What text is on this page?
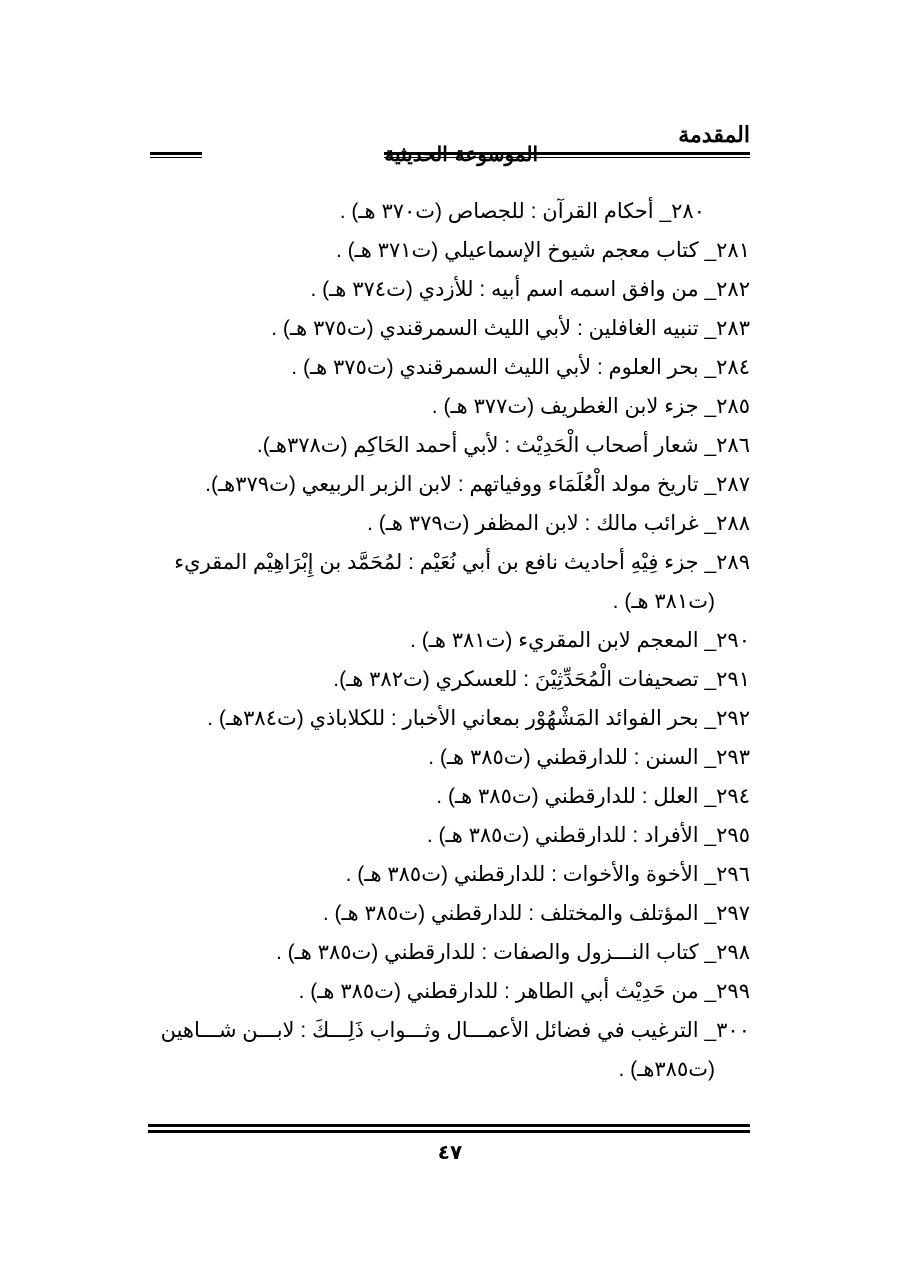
المقدمة
الموسوعة الحديثية

٢٨٠_ أحكام القرآن : للجصاص (ت٣٧٠ هـ) .

٢٨١_ كتاب معجم شيوخ الإسماعيلي (ت٣٧١ هـ) .

٢٨٢_ من وافق اسمه اسم أبيه : للأزدي (ت٣٧٤ هـ) .

٢٨٣_ تنبيه الغافلين : لأبي الليث السمرقندي (ت٣٧٥ هـ) .

٢٨٤_ بحر العلوم : لأبي الليث السمرقندي (ت٣٧٥ هـ) .

٢٨٥_ جزء لابن الغطريف (ت٣٧٧ هـ) .

٢٨٦_ شعار أصحاب الْحَدِيْث : لأبي أحمد الحَاكِم (ت٣٧٨هـ).

٢٨٧_ تاريخ مولد الْعُلَمَاء ووفياتهم : لابن الزبر الربيعي (ت٣٧٩هـ).

٢٨٨_ غرائب مالك : لابن المظفر (ت٣٧٩ هـ) .

٢٨٩_ جزء فِيْهِ أحاديث نافع بن أبي نُعَيْم : لمُحَمَّد بن إِبْرَاهِيْم المقريء (ت٣٨١ هـ) .

٢٩٠_ المعجم لابن المقريء (ت٣٨١ هـ) .

٢٩١_ تصحيفات الْمُحَدِّثِيْنَ : للعسكري (ت٣٨٢ هـ).

٢٩٢_ بحر الفوائد المَشْهُوْر بمعاني الأخبار : للكلاباذي (ت٣٨٤هـ) .

٢٩٣_ السنن : للدارقطني (ت٣٨٥ هـ) .

٢٩٤_ العلل : للدارقطني (ت٣٨٥ هـ) .

٢٩٥_ الأفراد : للدارقطني (ت٣٨٥ هـ) .

٢٩٦_ الأخوة والأخوات : للدارقطني (ت٣٨٥ هـ) .

٢٩٧_ المؤتلف والمختلف : للدارقطني (ت٣٨٥ هـ) .

٢٩٨_ كتاب النـــزول والصفات : للدارقطني (ت٣٨٥ هـ) .

٢٩٩_ من حَدِيْث أبي الطاهر : للدارقطني (ت٣٨٥ هـ) .

٣٠٠_ الترغيب في فضائل الأعمـــال وثـــواب ذَلِـــكَ : لابـــن شـــاهين (ت٣٨٥هـ) .

٤٧
